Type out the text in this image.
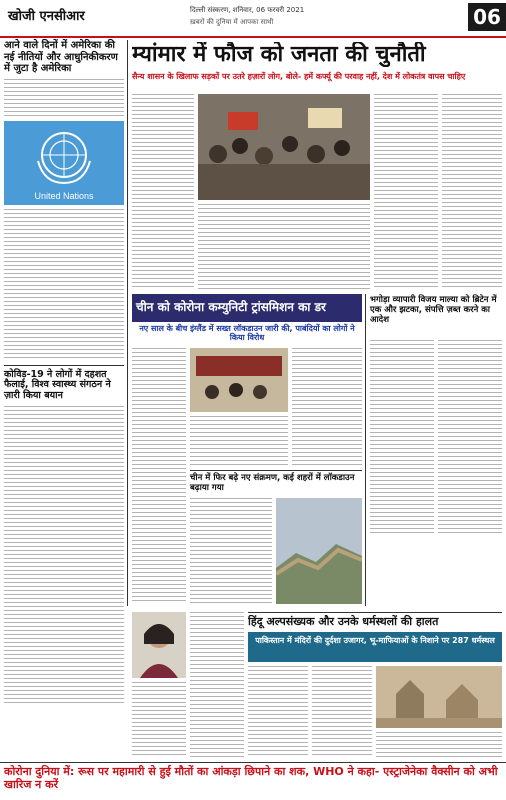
खोजी एनसीआर	दिल्ली संस्करण, शनिवार, 06 फरवरी 2021
ख़बरों की दुनिया में आपका साथी	06
आने वाले दिनों में अमेरिका की नई नीतियों और आधुनिकीकरण में जुटा है अमेरिका
United Nations
कोविड-19 ने लोगों में दहशत फैलाई, विश्व स्वास्थ्य संगठन ने ज़ारी किया बयान
म्यांमार में फौज को जनता की चुनौती
सैन्य शासन के खिलाफ सड़कों पर उतरे हज़ारों लोग, बोले- हमें कर्फ्यू की परवाह नहीं, देश में लोकतंत्र वापस चाहिए
चीन को कोरोना कम्युनिटी ट्रांसमिशन का डर
नए साल के बीच इंग्लैंड में सख्त लॉकडाउन जारी की, पाबंदियों का लोगों ने किया विरोध
चीन में फिर बढ़े नए संक्रमण, कई शहरों में लॉकडाउन बढ़ाया गया
भगोड़ा व्यापारी विजय माल्या को ब्रिटेन में एक और झटका, संपत्ति ज़ब्त करने का आदेश
हिंदू अल्पसंख्यक और उनके धर्मस्थलों की हालत
पाकिस्तान में मंदिरों की दुर्दशा उजागर, भू-माफियाओं के निशाने पर 287 धर्मस्थल
कोरोना दुनिया में: रूस पर महामारी से हुई मौतों का आंकड़ा छिपाने का शक, WHO ने कहा- एस्ट्राजेनेका वैक्सीन को अभी खारिज न करें
